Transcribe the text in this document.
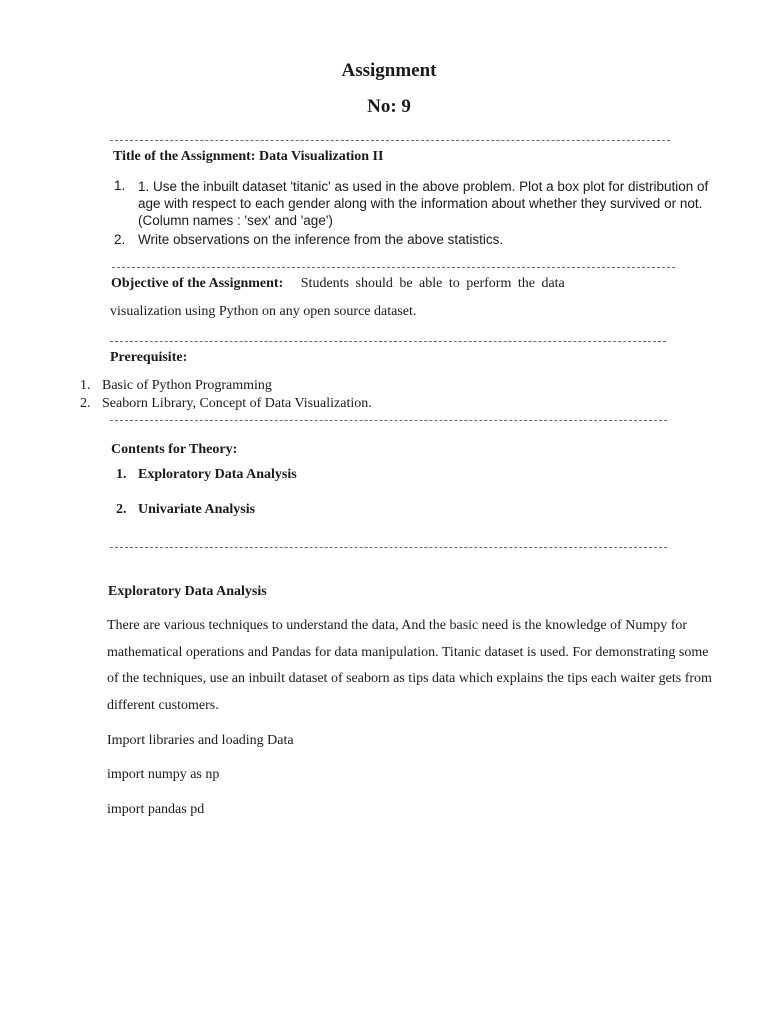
Assignment
No: 9
Title of the Assignment: Data Visualization II
1. 1. Use the inbuilt dataset 'titanic' as used in the above problem. Plot a box plot for distribution of age with respect to each gender along with the information about whether they survived or not. (Column names : 'sex' and 'age')
2. Write observations on the inference from the above statistics.
Objective of the Assignment: Students should be able to perform the data
visualization using Python on any open source dataset.
Prerequisite:
1. Basic of Python Programming
2. Seaborn Library, Concept of Data Visualization.
Contents for Theory:
1. Exploratory Data Analysis
2. Univariate Analysis
Exploratory Data Analysis
There are various techniques to understand the data, And the basic need is the knowledge of Numpy for mathematical operations and Pandas for data manipulation. Titanic dataset is used. For demonstrating some of the techniques, use an inbuilt dataset of seaborn as tips data which explains the tips each waiter gets from different customers.
Import libraries and loading Data
import numpy as np
import pandas pd
